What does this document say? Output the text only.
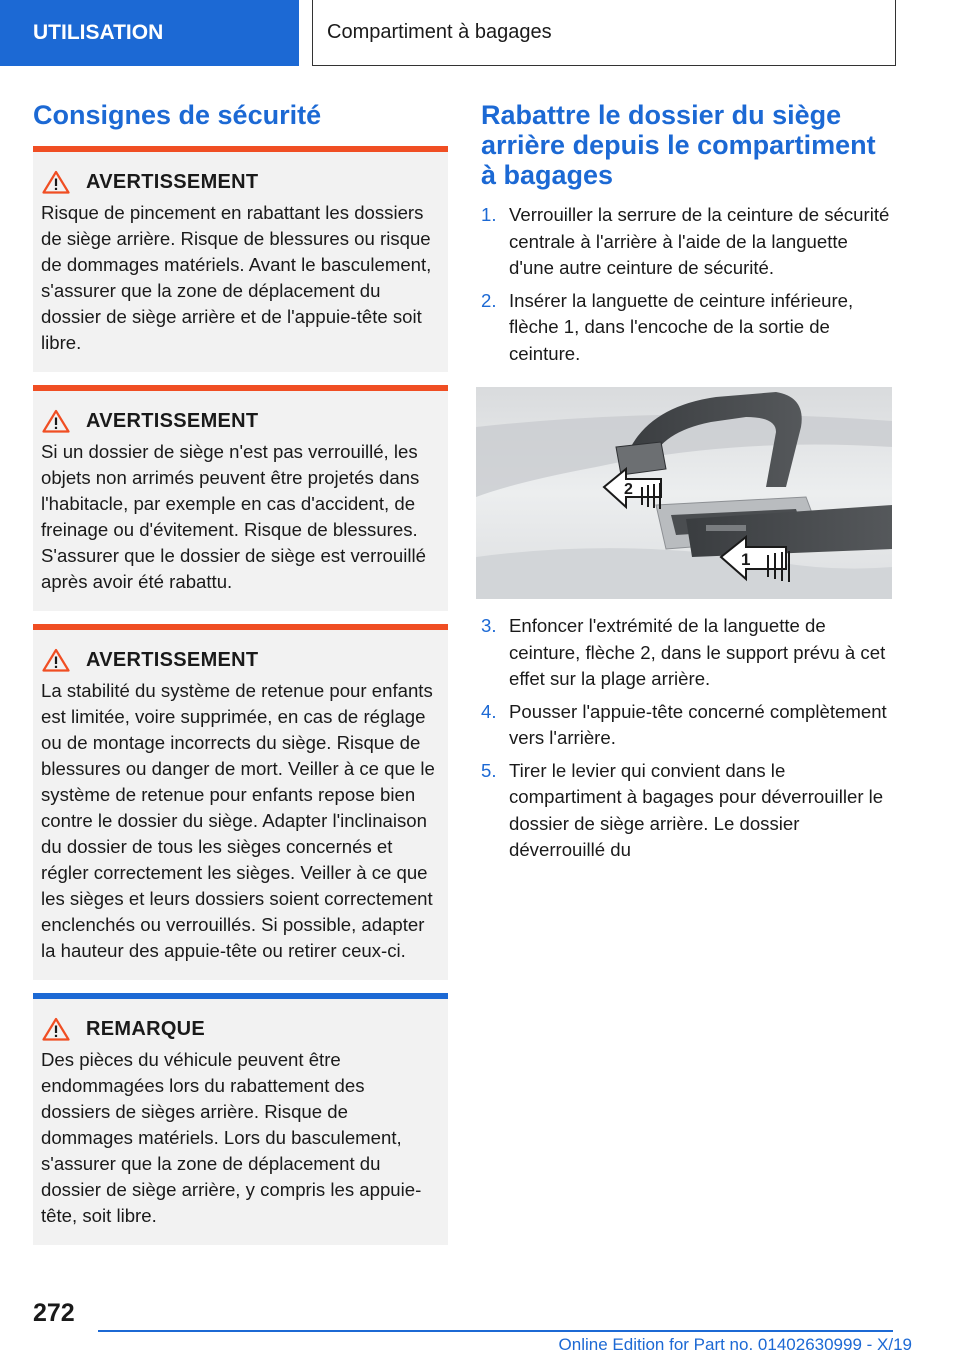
UTILISATION	Compartiment à bagages
Consignes de sécurité
AVERTISSEMENT
Risque de pincement en rabattant les dossiers de siège arrière. Risque de blessures ou risque de dommages matériels. Avant le basculement, s'assurer que la zone de déplacement du dossier de siège arrière et de l'appuie-tête soit libre.
AVERTISSEMENT
Si un dossier de siège n'est pas verrouillé, les objets non arrimés peuvent être projetés dans l'habitacle, par exemple en cas d'accident, de freinage ou d'évitement. Risque de blessures. S'assurer que le dossier de siège est verrouillé après avoir été rabattu.
AVERTISSEMENT
La stabilité du système de retenue pour enfants est limitée, voire supprimée, en cas de réglage ou de montage incorrects du siège. Risque de blessures ou danger de mort. Veiller à ce que le système de retenue pour enfants repose bien contre le dossier du siège. Adapter l'inclinaison du dossier de tous les sièges concernés et régler correctement les sièges. Veiller à ce que les sièges et leurs dossiers soient correctement enclenchés ou verrouillés. Si possible, adapter la hauteur des appuie-tête ou retirer ceux-ci.
REMARQUE
Des pièces du véhicule peuvent être endommagées lors du rabattement des dossiers de sièges arrière. Risque de dommages matériels. Lors du basculement, s'assurer que la zone de déplacement du dossier de siège arrière, y compris les appuie-tête, soit libre.
Rabattre le dossier du siège arrière depuis le compartiment à bagages
1. Verrouiller la serrure de la ceinture de sécurité centrale à l'arrière à l'aide de la languette d'une autre ceinture de sécurité.
2. Insérer la languette de ceinture inférieure, flèche 1, dans l'encoche de la sortie de ceinture.
2
1
3. Enfoncer l'extrémité de la languette de ceinture, flèche 2, dans le support prévu à cet effet sur la plage arrière.
4. Pousser l'appuie-tête concerné complètement vers l'arrière.
5. Tirer le levier qui convient dans le compartiment à bagages pour déverrouiller le dossier de siège arrière. Le dossier déverrouillé du
272
Online Edition for Part no. 01402630999 - X/19
